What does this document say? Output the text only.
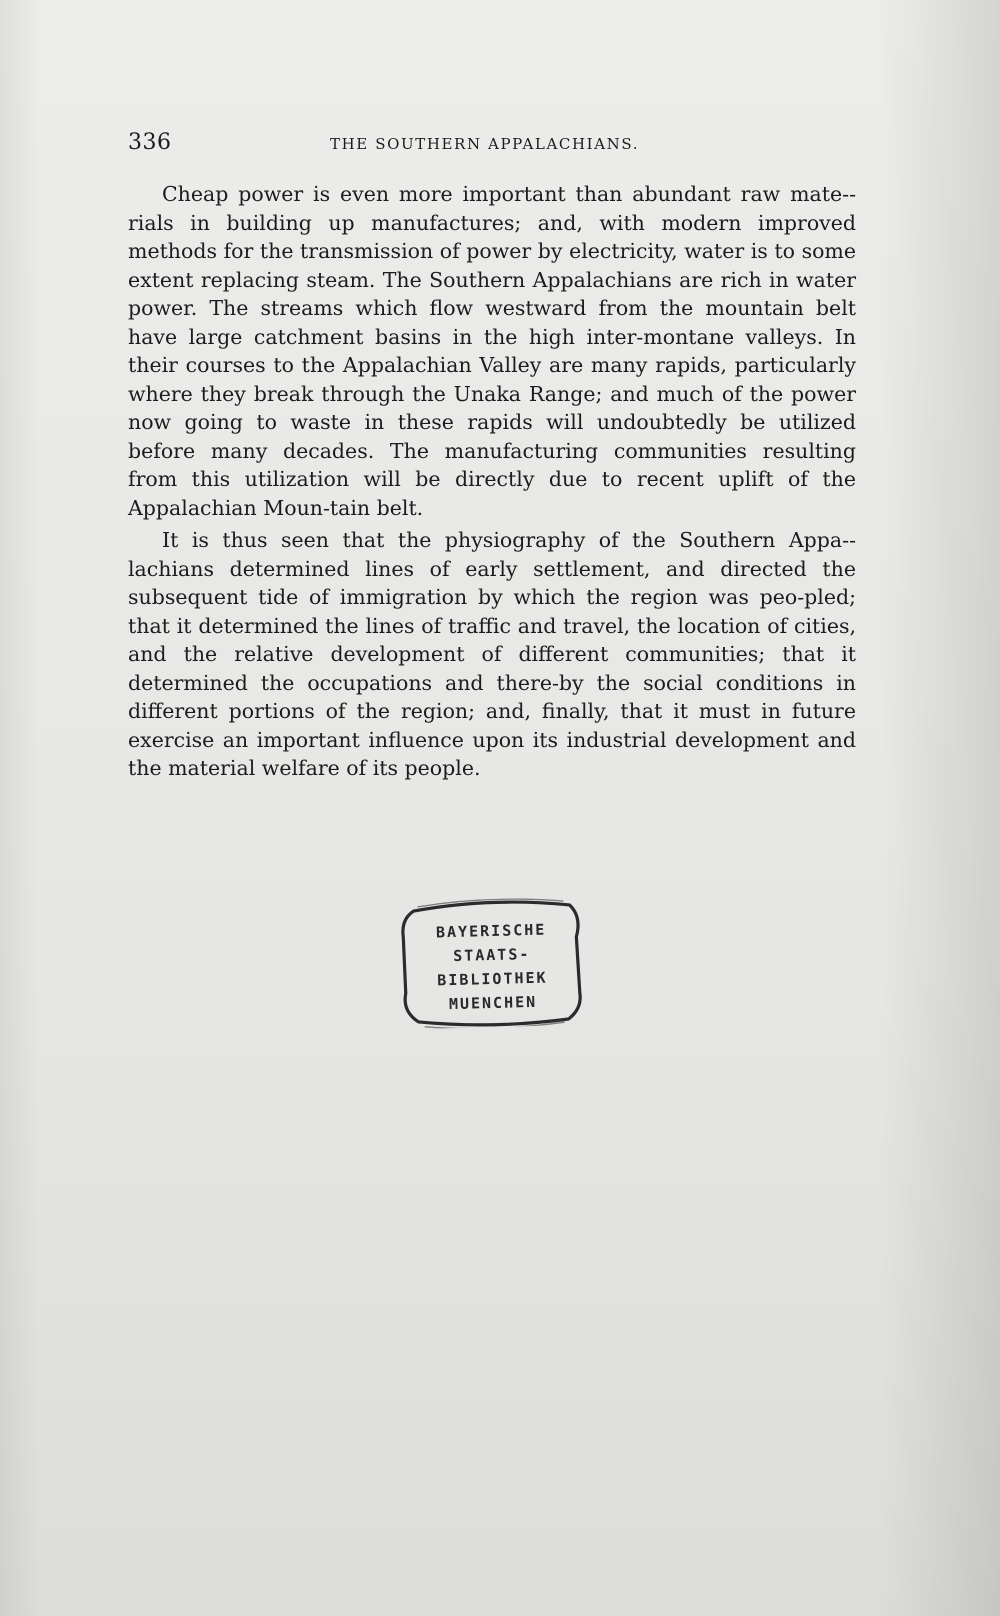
336	THE SOUTHERN APPALACHIANS.

Cheap power is even more important than abundant raw mate-rials in building up manufactures; and, with modern improved methods for the transmission of power by electricity, water is to some extent replacing steam. The Southern Appalachians are rich in water power. The streams which flow westward from the mountain belt have large catchment basins in the high inter-montane valleys. In their courses to the Appalachian Valley are many rapids, particularly where they break through the Unaka Range; and much of the power now going to waste in these rapids will undoubtedly be utilized before many decades. The manufacturing communities resulting from this utilization will be directly due to recent uplift of the Appalachian Moun-tain belt.

It is thus seen that the physiography of the Southern Appa-lachians determined lines of early settlement, and directed the subsequent tide of immigration by which the region was peo-pled; that it determined the lines of traffic and travel, the location of cities, and the relative development of different communities; that it determined the occupations and there-by the social conditions in different portions of the region; and, finally, that it must in future exercise an important influence upon its industrial development and the material welfare of its people.

BAYERISCHE
STAATS-
BIBLIOTHEK
MUENCHEN
